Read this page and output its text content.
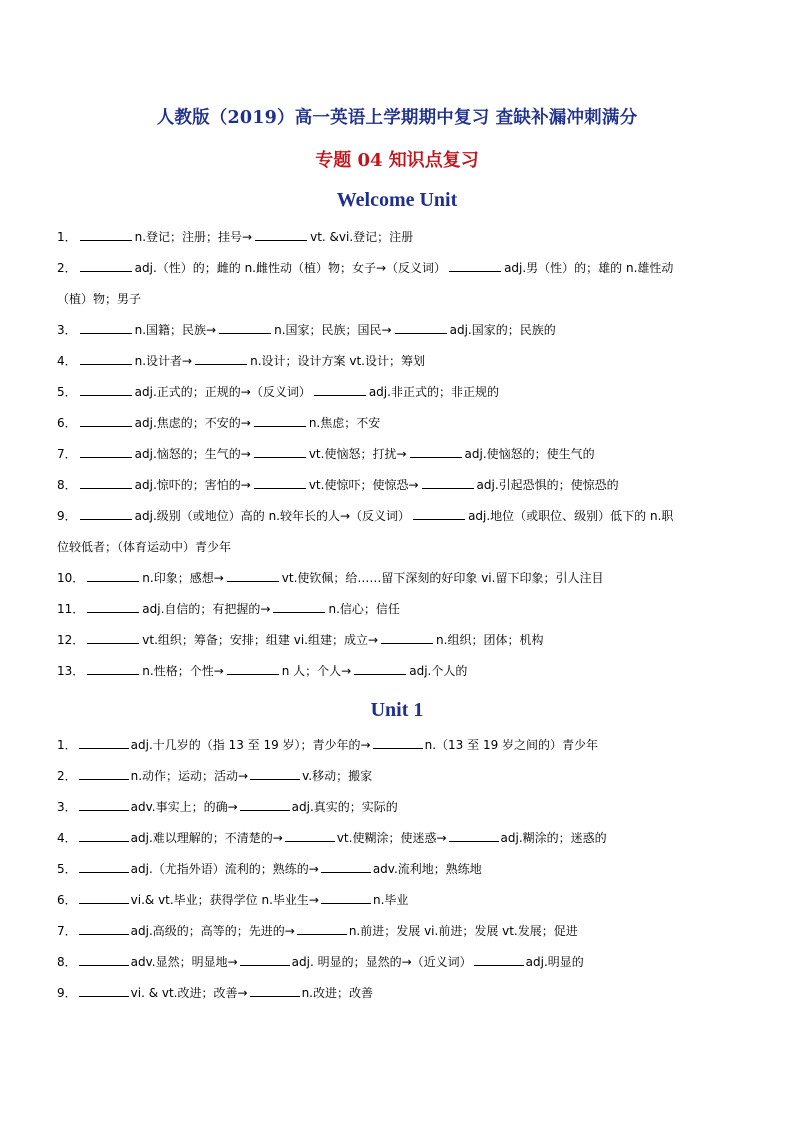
人教版（2019）高一英语上学期期中复习 查缺补漏冲刺满分
专题 04 知识点复习
Welcome Unit
1．	n.登记；注册；挂号→	vt. &vi.登记；注册
2．	adj.（性）的；雌的 n.雌性动（植）物；女子→（反义词）	adj.男（性）的；雄的 n.雄性动
（植）物；男子
3．	n.国籍；民族→	n.国家；民族；国民→	adj.国家的；民族的
4．	n.设计者→	n.设计；设计方案 vt.设计；筹划
5．	adj.正式的；正规的→（反义词）	adj.非正式的；非正规的
6．	adj.焦虑的；不安的→	n.焦虑；不安
7．	adj.恼怒的；生气的→	vt.使恼怒；打扰→	adj.使恼怒的；使生气的
8．	adj.惊吓的；害怕的→	vt.使惊吓；使惊恐→	adj.引起恐惧的；使惊恐的
9．	adj.级别（或地位）高的 n.较年长的人→（反义词）	adj.地位（或职位、级别）低下的 n.职
位较低者；（体育运动中）青少年
10．	n.印象；感想→	vt.使钦佩；给……留下深刻的好印象 vi.留下印象；引人注目
11．	adj.自信的；有把握的→	n.信心；信任
12．	vt.组织；筹备；安排；组建 vi.组建；成立→	n.组织；团体；机构
13．	n.性格；个性→	n 人；个人→	adj.个人的
Unit 1
1．	adj.十几岁的（指 13 至 19 岁）；青少年的→	n.（13 至 19 岁之间的）青少年
2．	n.动作；运动；活动→	v.移动；搬家
3．	adv.事实上；的确→	adj.真实的；实际的
4．	adj.难以理解的；不清楚的→	vt.使糊涂；使迷惑→	adj.糊涂的；迷惑的
5．	adj.（尤指外语）流利的；熟练的→	adv.流利地；熟练地
6．	vi.& vt.毕业；获得学位 n.毕业生→	n.毕业
7．	adj.高级的；高等的；先进的→	n.前进；发展 vi.前进；发展 vt.发展；促进
8．	adv.显然；明显地→	adj. 明显的；显然的→（近义词）	adj.明显的
9．	vi. & vt.改进；改善→	n.改进；改善
